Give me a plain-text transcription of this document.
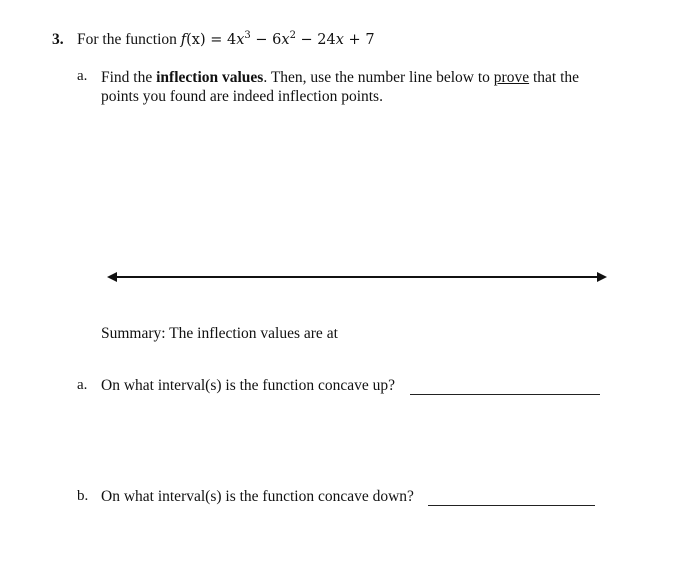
3. For the function $f(x) = 4x^3 - 6x^2 - 24x + 7$
a. Find the inflection values. Then, use the number line below to prove that the points you found are indeed inflection points.
Summary: The inflection values are at
a. On what interval(s) is the function concave up?
b. On what interval(s) is the function concave down?
